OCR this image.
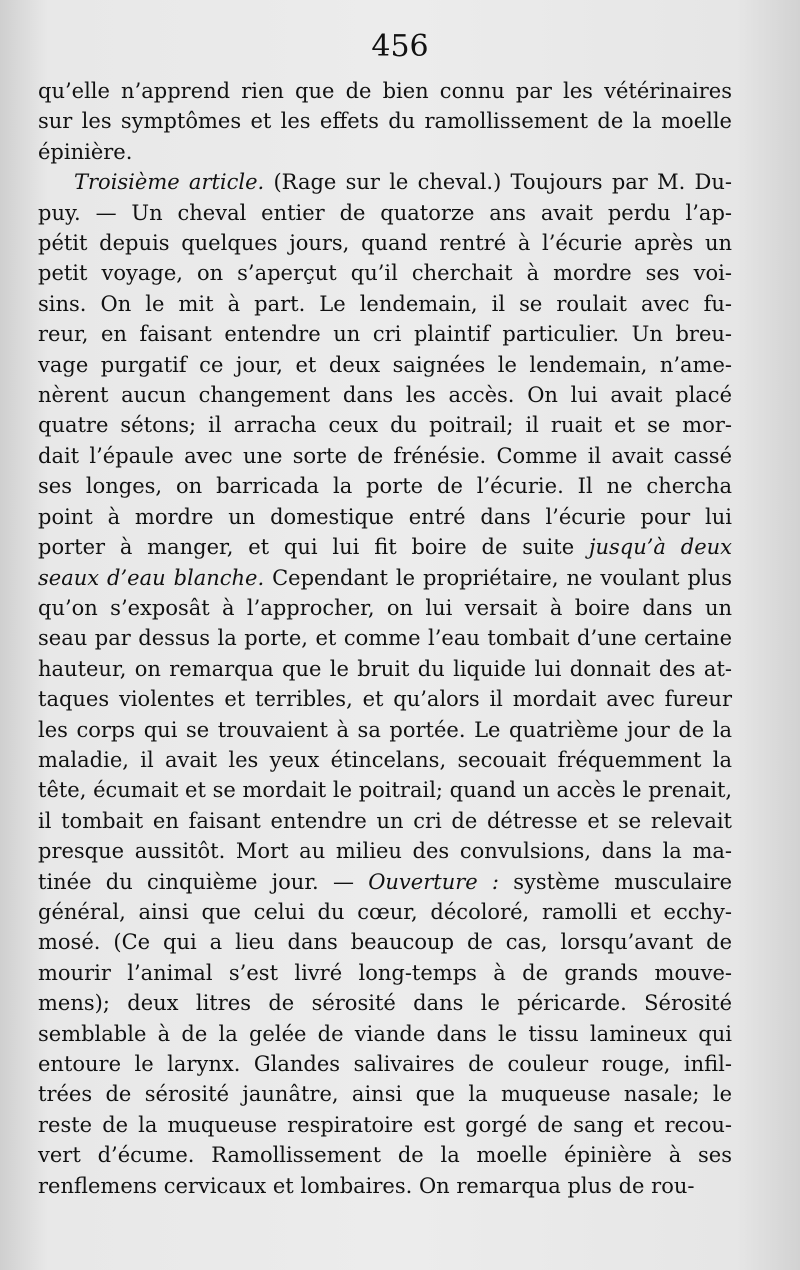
456
qu’elle n’apprend rien que de bien connu par les vétérinaires
sur les symptômes et les effets du ramollissement de la moelle
épinière.
Troisième article. (Rage sur le cheval.) Toujours par M. Du-
puy. — Un cheval entier de quatorze ans avait perdu l’ap-
pétit depuis quelques jours, quand rentré à l’écurie après un
petit voyage, on s’aperçut qu’il cherchait à mordre ses voi-
sins. On le mit à part. Le lendemain, il se roulait avec fu-
reur, en faisant entendre un cri plaintif particulier. Un breu-
vage purgatif ce jour, et deux saignées le lendemain, n’ame-
nèrent aucun changement dans les accès. On lui avait placé
quatre sétons; il arracha ceux du poitrail; il ruait et se mor-
dait l’épaule avec une sorte de frénésie. Comme il avait cassé
ses longes, on barricada la porte de l’écurie. Il ne chercha
point à mordre un domestique entré dans l’écurie pour lui
porter à manger, et qui lui fit boire de suite jusqu’à deux
seaux d’eau blanche. Cependant le propriétaire, ne voulant plus
qu’on s’exposât à l’approcher, on lui versait à boire dans un
seau par dessus la porte, et comme l’eau tombait d’une certaine
hauteur, on remarqua que le bruit du liquide lui donnait des at-
taques violentes et terribles, et qu’alors il mordait avec fureur
les corps qui se trouvaient à sa portée. Le quatrième jour de la
maladie, il avait les yeux étincelans, secouait fréquemment la
tête, écumait et se mordait le poitrail; quand un accès le prenait,
il tombait en faisant entendre un cri de détresse et se relevait
presque aussitôt. Mort au milieu des convulsions, dans la ma-
tinée du cinquième jour. — Ouverture : système musculaire
général, ainsi que celui du cœur, décoloré, ramolli et ecchy-
mosé. (Ce qui a lieu dans beaucoup de cas, lorsqu’avant de
mourir l’animal s’est livré long-temps à de grands mouve-
mens); deux litres de sérosité dans le péricarde. Sérosité
semblable à de la gelée de viande dans le tissu lamineux qui
entoure le larynx. Glandes salivaires de couleur rouge, infil-
trées de sérosité jaunâtre, ainsi que la muqueuse nasale; le
reste de la muqueuse respiratoire est gorgé de sang et recou-
vert d’écume. Ramollissement de la moelle épinière à ses
renflemens cervicaux et lombaires. On remarqua plus de rou-
